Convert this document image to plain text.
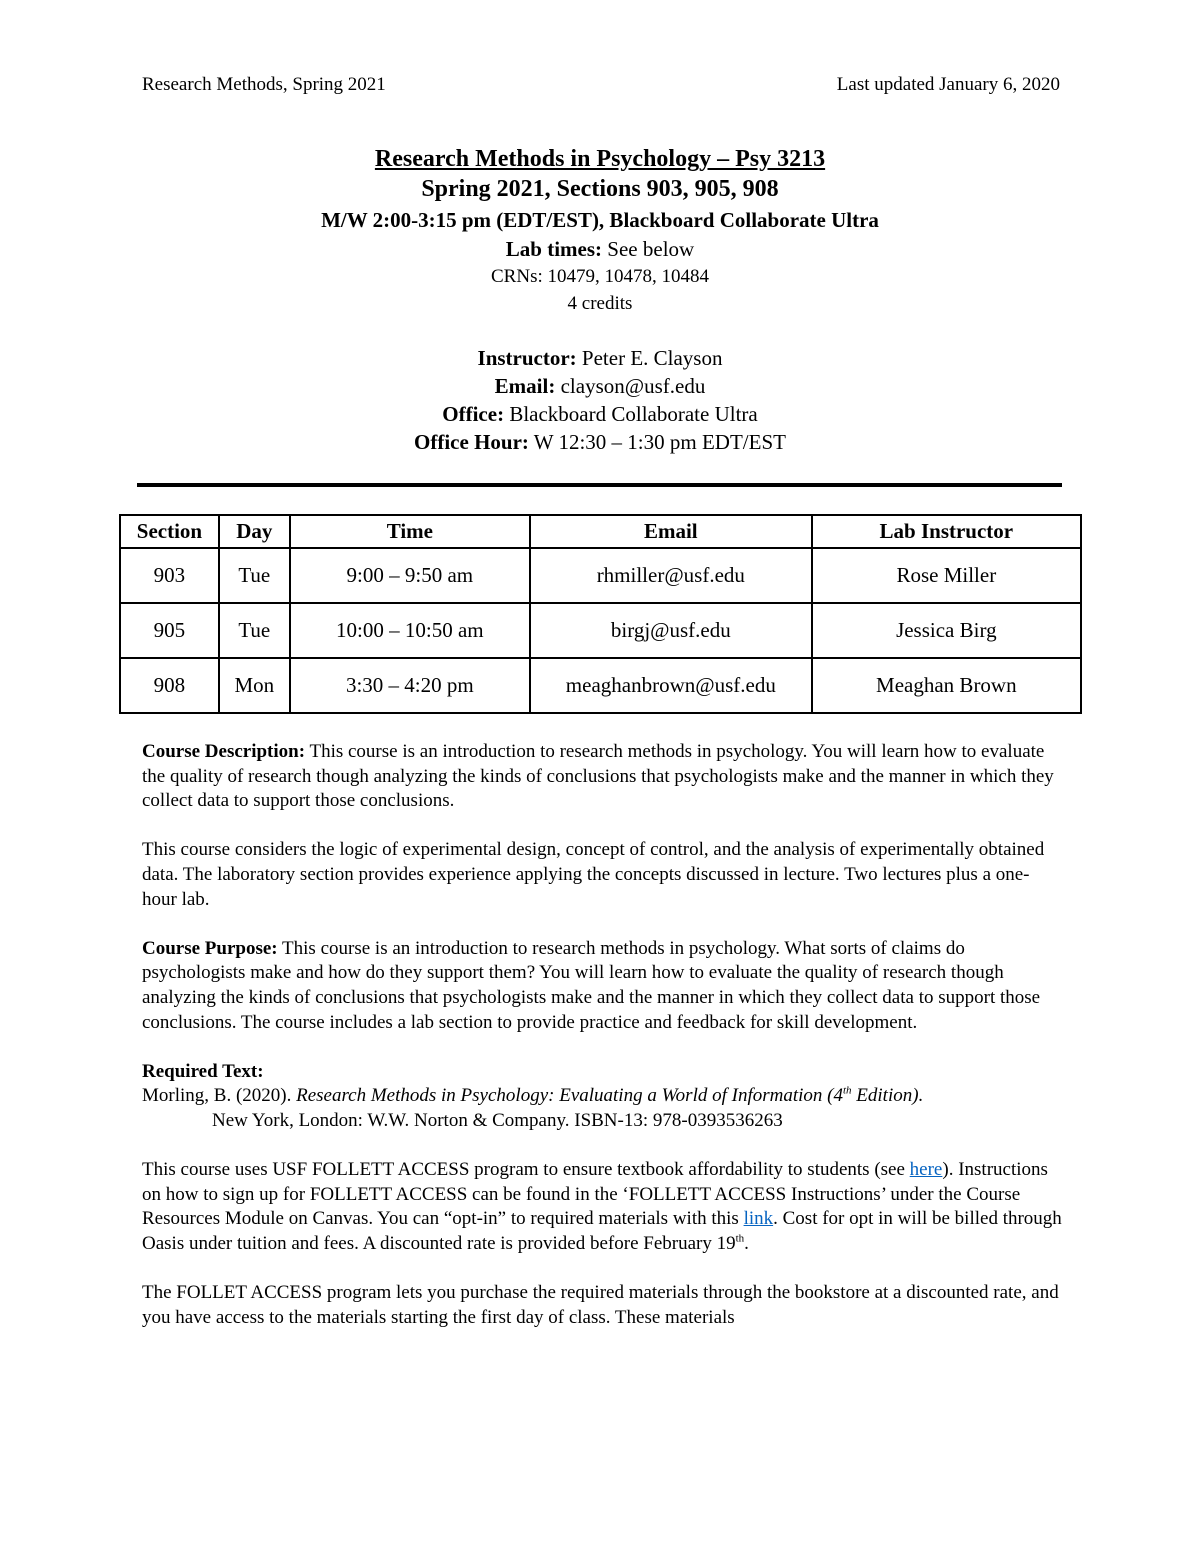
Research Methods, Spring 2021	Last updated January 6, 2020

Research Methods in Psychology – Psy 3213

Spring 2021, Sections 903, 905, 908

M/W 2:00-3:15 pm (EDT/EST), Blackboard Collaborate Ultra

Lab times: See below

CRNs: 10479, 10478, 10484

4 credits

Instructor: Peter E. Clayson

Email: clayson@usf.edu

Office: Blackboard Collaborate Ultra

Office Hour: W 12:30 – 1:30 pm EDT/EST

Section	Day	Time	Email	Lab Instructor
903	Tue	9:00 – 9:50 am	rhmiller@usf.edu	Rose Miller
905	Tue	10:00 – 10:50 am	birgj@usf.edu	Jessica Birg
908	Mon	3:30 – 4:20 pm	meaghanbrown@usf.edu	Meaghan Brown

Course Description: This course is an introduction to research methods in psychology. You will learn how to evaluate the quality of research though analyzing the kinds of conclusions that psychologists make and the manner in which they collect data to support those conclusions.

This course considers the logic of experimental design, concept of control, and the analysis of experimentally obtained data. The laboratory section provides experience applying the concepts discussed in lecture. Two lectures plus a one-hour lab.

Course Purpose: This course is an introduction to research methods in psychology. What sorts of claims do psychologists make and how do they support them? You will learn how to evaluate the quality of research though analyzing the kinds of conclusions that psychologists make and the manner in which they collect data to support those conclusions. The course includes a lab section to provide practice and feedback for skill development.

Required Text:

Morling, B. (2020). Research Methods in Psychology: Evaluating a World of Information (4th Edition).

New York, London: W.W. Norton & Company. ISBN-13: 978-0393536263

This course uses USF FOLLETT ACCESS program to ensure textbook affordability to students (see here). Instructions on how to sign up for FOLLETT ACCESS can be found in the ‘FOLLETT ACCESS Instructions’ under the Course Resources Module on Canvas. You can “opt-in” to required materials with this link. Cost for opt in will be billed through Oasis under tuition and fees. A discounted rate is provided before February 19th.

The FOLLET ACCESS program lets you purchase the required materials through the bookstore at a discounted rate, and you have access to the materials starting the first day of class. These materials
